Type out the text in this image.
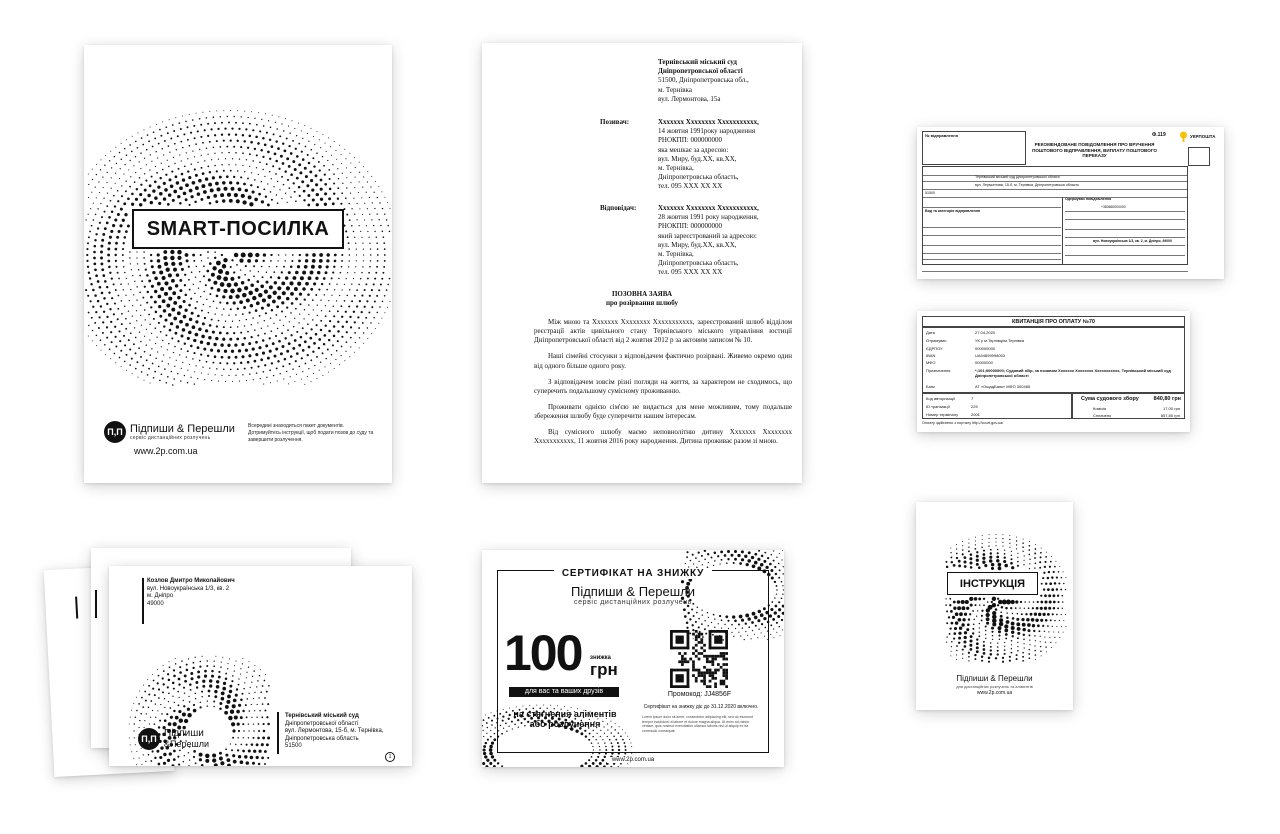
SMART-ПОСИЛКА
П,П Підпиши & Перешли
сервіс дистанційних розлучень
Всередині знаходиться пакет документів. Дотримуйтесь інструкції, щоб подати позов до суду та завершити розлучення.
www.2p.com.ua
Тернівський міський суд
Дніпропетровської області
51500, Дніпропетровська обл.,
м. Тернівка
вул. Лермонтова, 15а
Позивач:	Ххххххх Хххххххх Ххххххххххх,
14 жовтня 1991року народження
РНОКПП: 000000000
яка мешкає за адресою:
вул. Миру, буд.ХХ, кв.ХХ,
м. Тернівка,
Дніпропетровська область,
тел. 095 ХХХ ХХ ХХ
Відповідач:	Ххххххх Хххххххх Ххххххххххх,
28 жовтня 1991 року народження,
РНОКПП: 000000000
який зареєстрований за адресою:
вул. Миру, буд.ХХ, кв.ХХ,
м. Тернівка,
Дніпропетровська область,
тел. 095 ХХХ ХХ ХХ
ПОЗОВНА ЗАЯВА
про розірвання шлюбу

Між мною та Ххххххх Хххххххх Ххххххххххх, зареєстрований шлюб відділом реєстрації актів цивільного стану Тернівського міського управління юстиції Дніпропетровської області від 2 жовтня 2012 р за актовим записом № 10.

Наші сімейні стосунки з відповідачем фактично розірвані. Живемо окремо один від одного більше одного року.

З відповідачем зовсім різні погляди на життя, за характером не сходимось, що суперечить подальшому сумісному проживанню.

Проживати однією сім'єю не видається для мене можливим, тому подальше збереження шлюбу буде суперечити нашим інтересам.

Від сумісного шлюбу маємо неповнолітню дитину Ххххххх Хххххххх Ххххххххххх, 11 жовтня 2016 року народження. Дитина проживає разом зі мною.

№ відправлення	Ф.119	УКРПОШТА
РЕКОМЕНДОВАНЕ ПОВІДОМЛЕННЯ ПРО ВРУЧЕННЯ ПОШТОВОГО ВІДПРАВЛЕННЯ, ВИПЛАТУ ПОШТОВОГО ПЕРЕКАЗУ
Тернівський міський суд Дніпропетровської області
вул. Лермонтова, 15-б, м. Тернівка, Дніпропетровська область
51500
Вид та категорія відправлення
Одержувач повідомлення
+380660000000
вул. Новоукраїнська 1/3, кв. 2, м. Дніпро, 49000
КВИТАНЦІЯ ПРО ОПЛАТУ №70
Дата	27.04.2020
Отримувач	УК у м.Тернівці/м.Тернівка
ЄДРПОУ	000000000
IBAN	UA94899998003
МФО	00000000
Призначення	*;101;00000000; Судовий збір, за позовом Ххххххх Хххххххх Ххххххххххх, Тернівський міський суд Дніпропетровської області
Банк	АТ «ОщадБанк» МФО 300465
Код авторизації	7
ID транзакції	225
Номер терміналу	2001
Сума судового збору	840,80 грн
Комісія	17,00 грн
Сплачено	857,80 грн
Оплату здійснено з порталу http://court.gov.ua/
ІНСТРУКЦІЯ
Підпиши & Перешли
для дистанційних розлучень та аліментів
www.2p.com.ua
Козлов Дмитро Миколайович
вул. Новоукраїнська 1/3, кв. 2
м. Дніпро
49000
Тернівський міський суд
Дніпропетровської області
вул. Лермонтова, 15-б, м. Тернівка,
Дніпропетровська область
51500
П,П Підпиши
&Перешли
1
СЕРТИФІКАТ НА ЗНИЖКУ
Підпиши & Перешли
сервіс дистанційних розлучень
100 знижка
грн
для вас та ваших друзів
на стягнення аліментів
або розлучення
Промокод: JJ4856F
Сертифікат на знижку діє до 31.12.2020 включно.
Lorem ipsum dolor sit amet, consectetur adipiscing elit, sed do eiusmod tempor incididunt ut labore et dolore magna aliqua. Ut enim ad minim veniam, quis nostrud exercitation ullamco laboris nisi ut aliquip ex ea commodo consequat.
www.2p.com.ua
